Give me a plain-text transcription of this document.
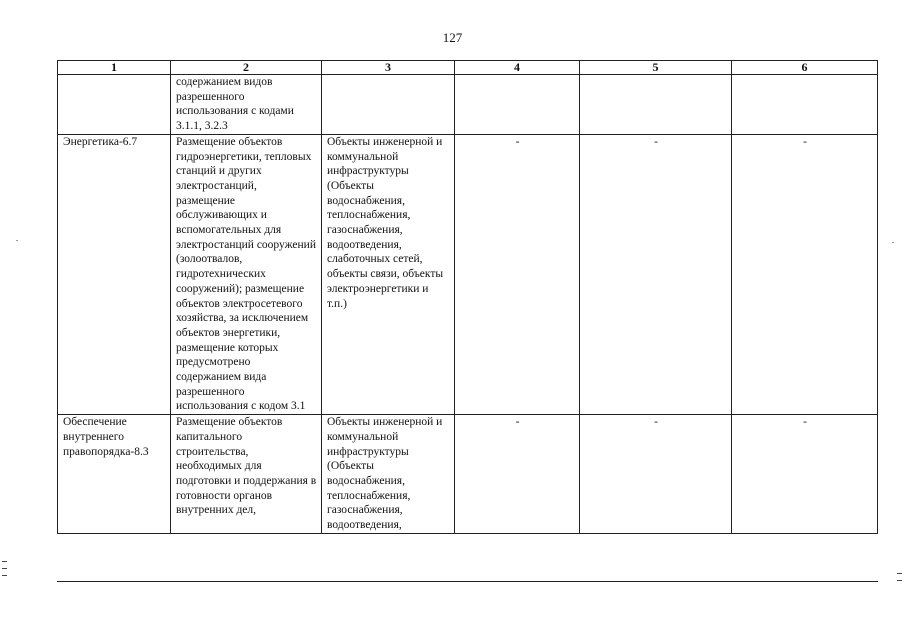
127
1	2	3	4	5	6
	содержанием видов разрешенного использования с кодами 3.1.1, 3.2.3				
Энергетика-6.7	Размещение объектов гидроэнергетики, тепловых станций и других электростанций, размещение обслуживающих и вспомогательных для электростанций сооружений (золоотвалов, гидротехнических сооружений); размещение объектов электросетевого хозяйства, за исключением объектов энергетики, размещение которых предусмотрено содержанием вида разрешенного использования с кодом 3.1	Объекты инженерной и коммунальной инфраструктуры (Объекты водоснабжения, теплоснабжения, газоснабжения, водоотведения, слаботочных сетей, объекты связи, объекты электроэнергетики и т.п.)	-	-	-
Обеспечение внутреннего правопорядка-8.3	Размещение объектов капитального строительства, необходимых для подготовки и поддержания в готовности органов внутренних дел,	Объекты инженерной и коммунальной инфраструктуры (Объекты водоснабжения, теплоснабжения, газоснабжения, водоотведения,	-	-	-
